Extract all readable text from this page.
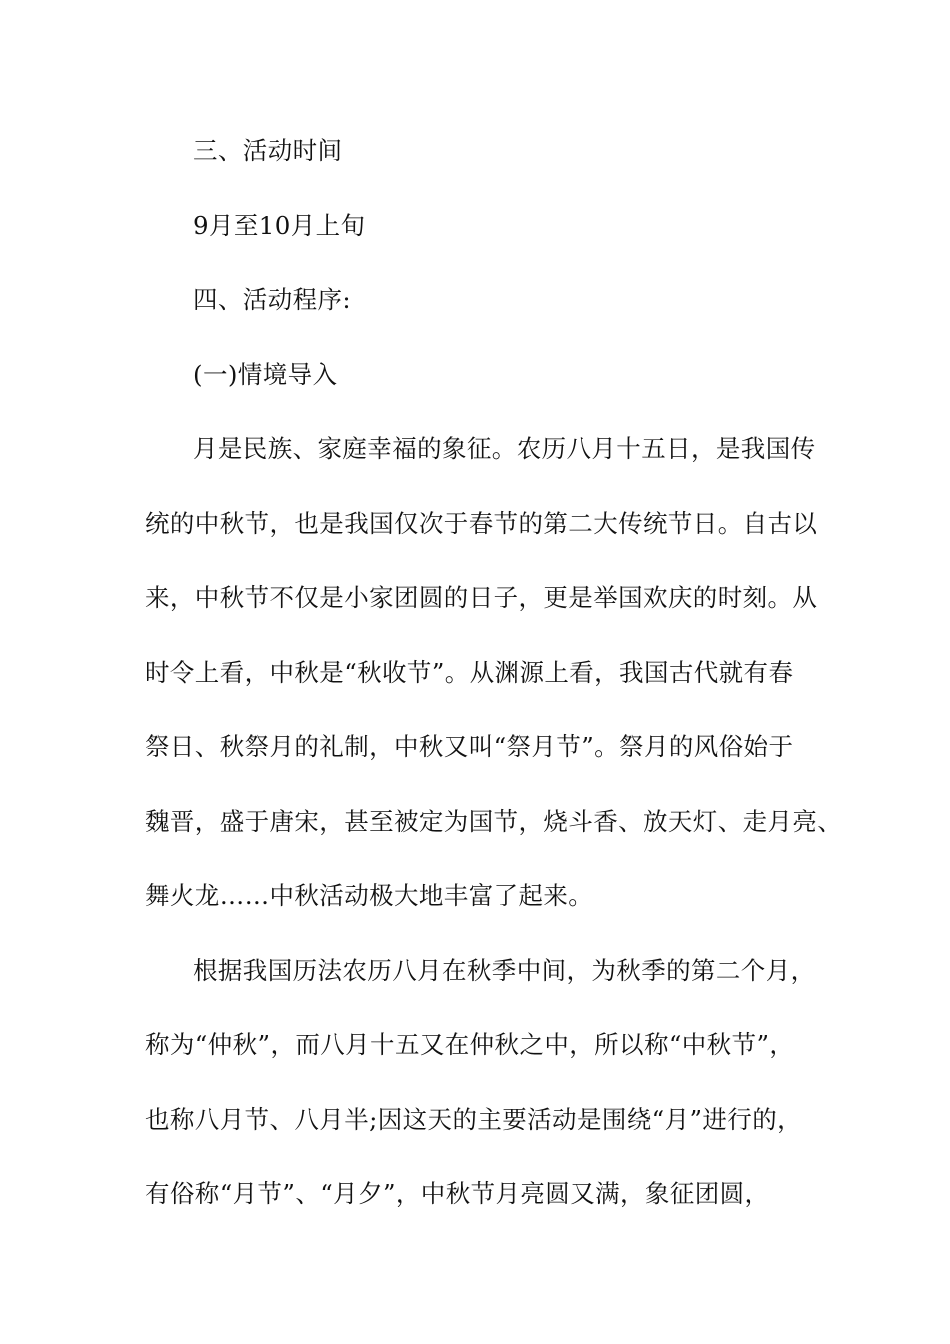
三、活动时间
9月至10月上旬
四、活动程序:
(一)情境导入
月是民族、家庭幸福的象征。农历八月十五日，是我国传
统的中秋节，也是我国仅次于春节的第二大传统节日。自古以
来，中秋节不仅是小家团圆的日子，更是举国欢庆的时刻。从
时令上看，中秋是“秋收节”。从渊源上看，我国古代就有春
祭日、秋祭月的礼制，中秋又叫“祭月节”。祭月的风俗始于
魏晋，盛于唐宋，甚至被定为国节，烧斗香、放天灯、走月亮、
舞火龙……中秋活动极大地丰富了起来。
根据我国历法农历八月在秋季中间，为秋季的第二个月，
称为“仲秋”，而八月十五又在仲秋之中，所以称“中秋节”，
也称八月节、八月半;因这天的主要活动是围绕“月”进行的，
有俗称“月节”、“月夕”，中秋节月亮圆又满，象征团圆，
